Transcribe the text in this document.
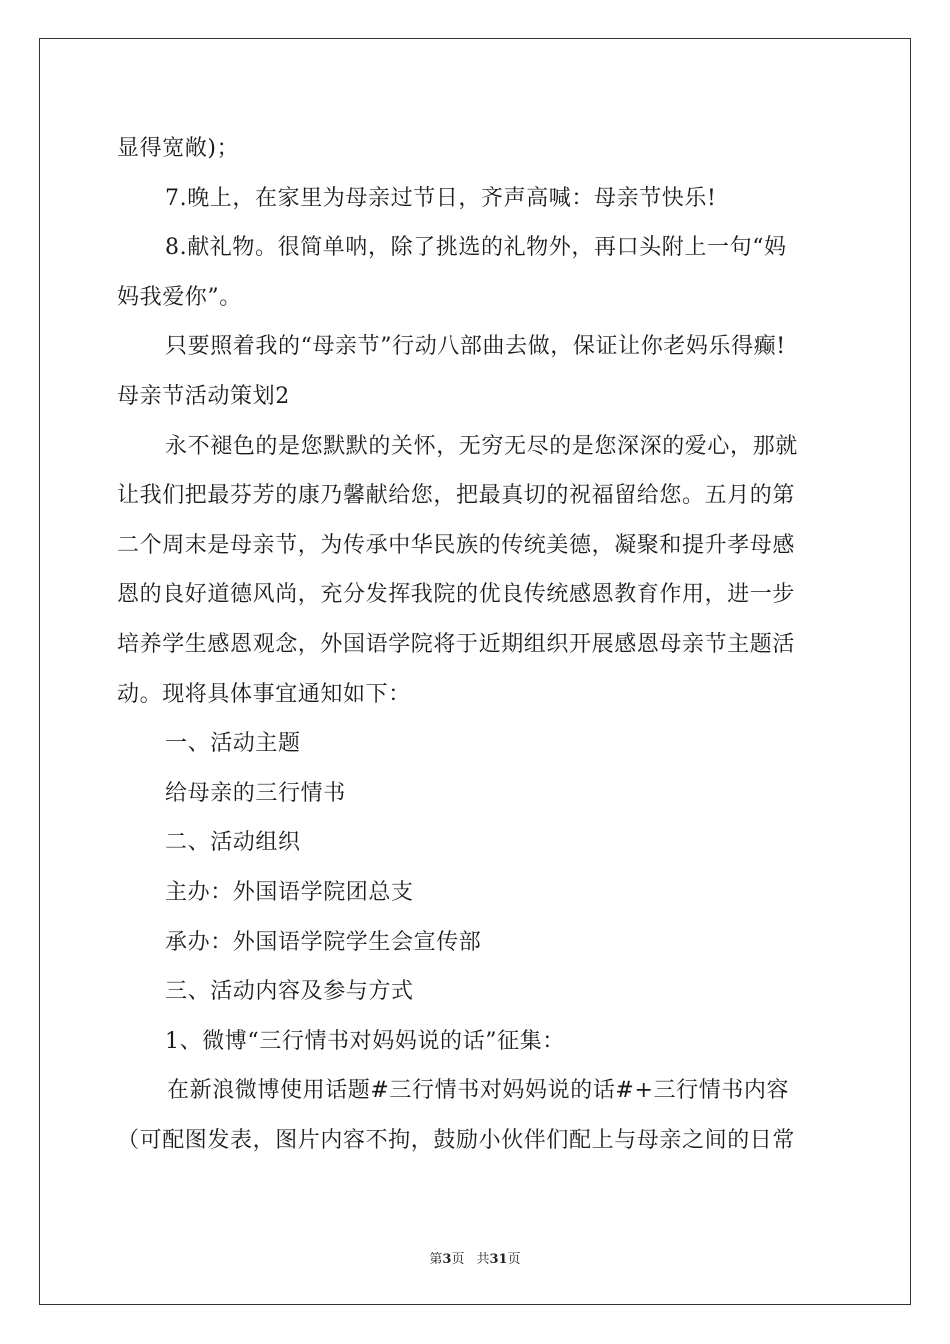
显得宽敞)；
7.晚上，在家里为母亲过节日，齐声高喊：母亲节快乐!
8.献礼物。很简单呐，除了挑选的礼物外，再口头附上一句“妈
妈我爱你”。
只要照着我的“母亲节”行动八部曲去做，保证让你老妈乐得癫!
母亲节活动策划2
永不褪色的是您默默的关怀，无穷无尽的是您深深的爱心，那就
让我们把最芬芳的康乃馨献给您，把最真切的祝福留给您。五月的第
二个周末是母亲节，为传承中华民族的传统美德，凝聚和提升孝母感
恩的良好道德风尚，充分发挥我院的优良传统感恩教育作用，进一步
培养学生感恩观念，外国语学院将于近期组织开展感恩母亲节主题活
动。现将具体事宜通知如下：
一、活动主题
给母亲的三行情书
二、活动组织
主办：外国语学院团总支
承办：外国语学院学生会宣传部
三、活动内容及参与方式
1、微博“三行情书对妈妈说的话”征集：
在新浪微博使用话题#三行情书对妈妈说的话#+三行情书内容
（可配图发表，图片内容不拘，鼓励小伙伴们配上与母亲之间的日常
第3页 共31页
